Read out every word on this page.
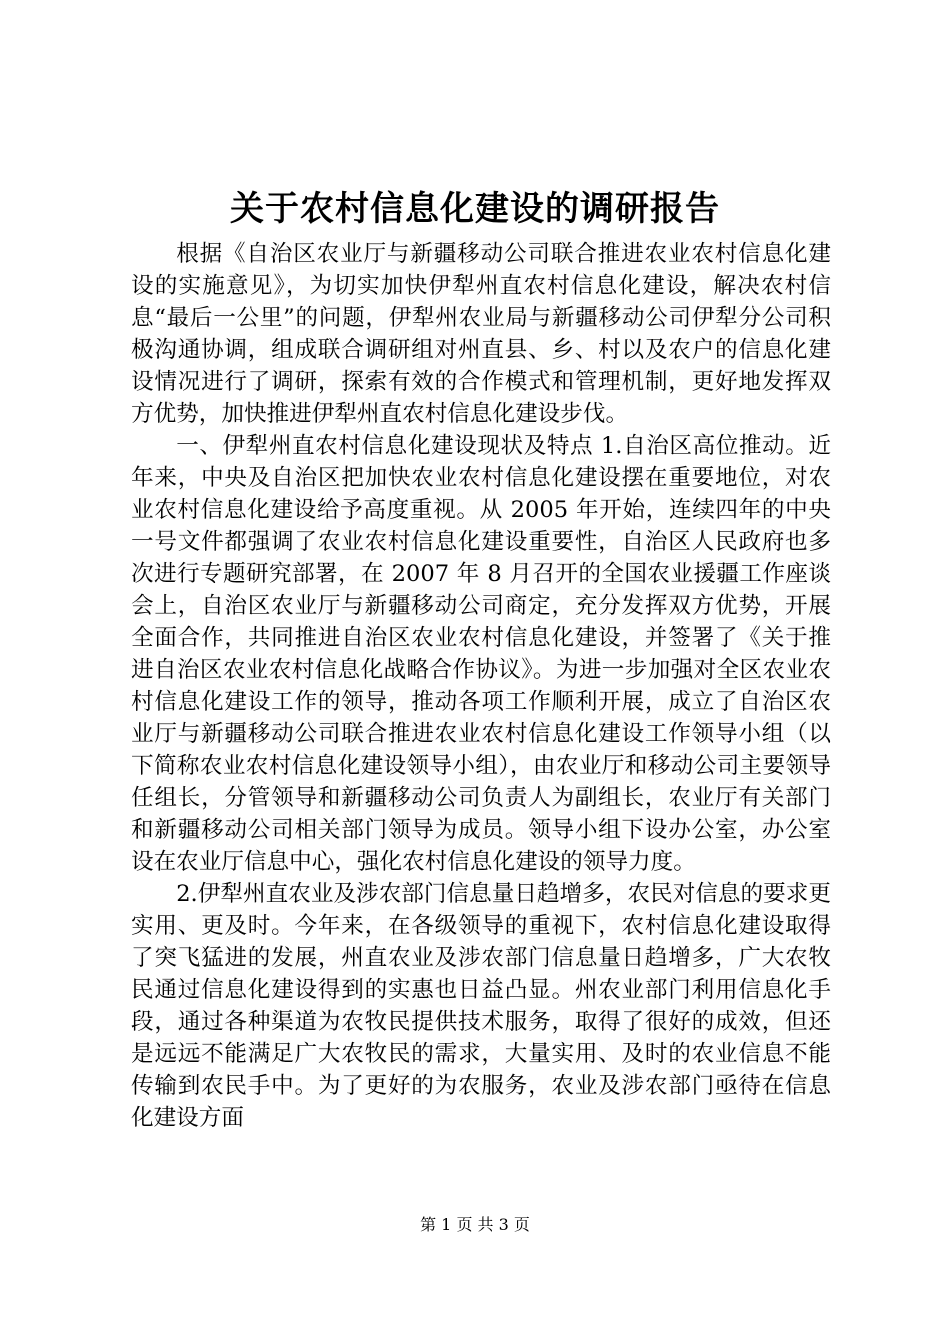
关于农村信息化建设的调研报告

根据《自治区农业厅与新疆移动公司联合推进农业农村信息化建设的实施意见》，为切实加快伊犁州直农村信息化建设，解决农村信息“最后一公里”的问题，伊犁州农业局与新疆移动公司伊犁分公司积极沟通协调，组成联合调研组对州直县、乡、村以及农户的信息化建设情况进行了调研，探索有效的合作模式和管理机制，更好地发挥双方优势，加快推进伊犁州直农村信息化建设步伐。

一、伊犁州直农村信息化建设现状及特点 1.自治区高位推动。近年来，中央及自治区把加快农业农村信息化建设摆在重要地位，对农业农村信息化建设给予高度重视。从 2005 年开始，连续四年的中央一号文件都强调了农业农村信息化建设重要性，自治区人民政府也多次进行专题研究部署，在 2007 年 8 月召开的全国农业援疆工作座谈会上，自治区农业厅与新疆移动公司商定，充分发挥双方优势，开展全面合作，共同推进自治区农业农村信息化建设，并签署了《关于推进自治区农业农村信息化战略合作协议》。为进一步加强对全区农业农村信息化建设工作的领导，推动各项工作顺利开展，成立了自治区农业厅与新疆移动公司联合推进农业农村信息化建设工作领导小组（以下简称农业农村信息化建设领导小组），由农业厅和移动公司主要领导任组长，分管领导和新疆移动公司负责人为副组长，农业厅有关部门和新疆移动公司相关部门领导为成员。领导小组下设办公室，办公室设在农业厅信息中心，强化农村信息化建设的领导力度。

2.伊犁州直农业及涉农部门信息量日趋增多，农民对信息的要求更实用、更及时。今年来，在各级领导的重视下，农村信息化建设取得了突飞猛进的发展，州直农业及涉农部门信息量日趋增多，广大农牧民通过信息化建设得到的实惠也日益凸显。州农业部门利用信息化手段，通过各种渠道为农牧民提供技术服务，取得了很好的成效，但还是远远不能满足广大农牧民的需求，大量实用、及时的农业信息不能传输到农民手中。为了更好的为农服务，农业及涉农部门亟待在信息化建设方面

第 1 页 共 3 页
